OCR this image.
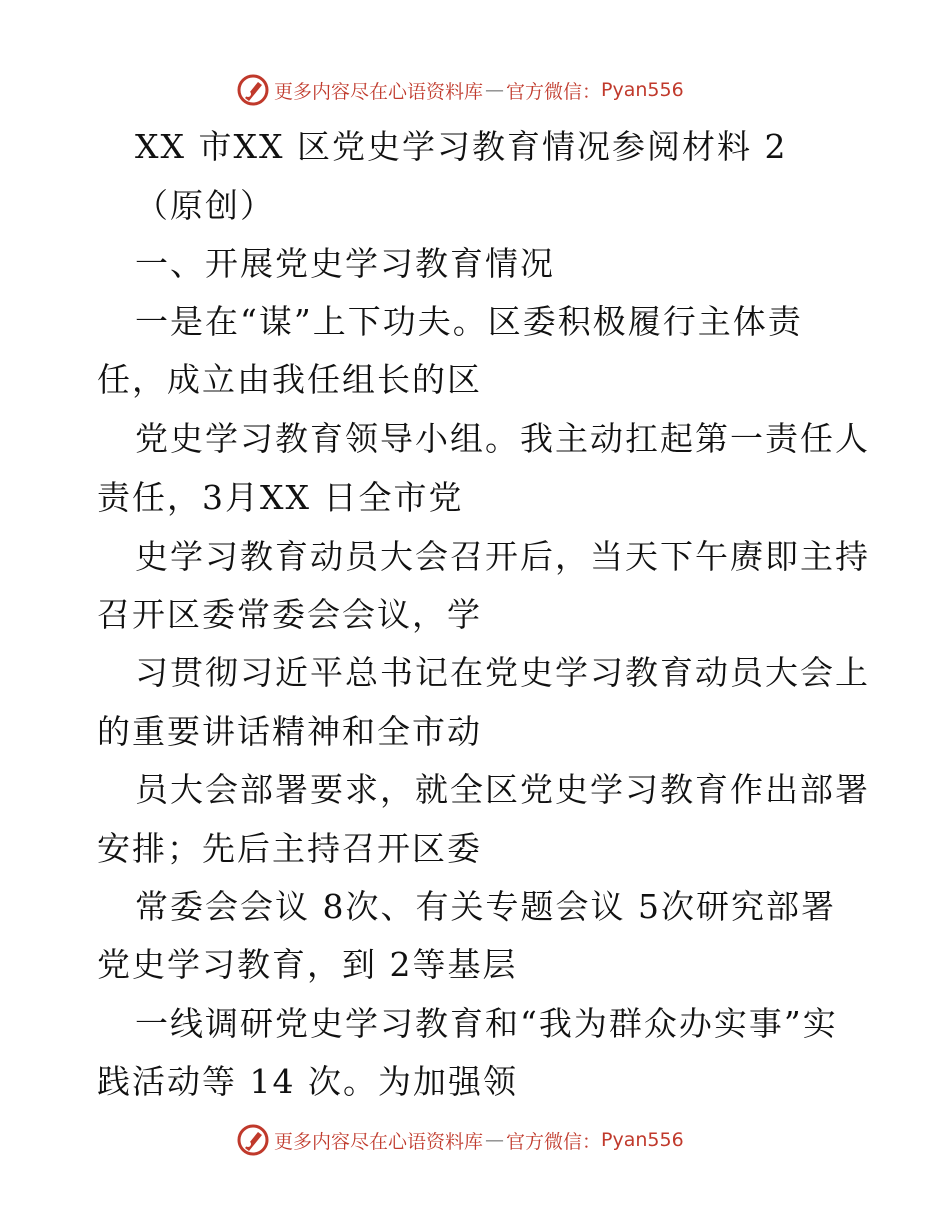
更多内容尽在心语资料库 — 官方微信： Pyan556
XX 市XX 区党史学习教育情况参阅材料 2
（原创）
一、开展党史学习教育情况
一是在“谋”上下功夫。区委积极履行主体责
任，成立由我任组长的区
党史学习教育领导小组。我主动扛起第一责任人
责任，3月XX 日全市党
史学习教育动员大会召开后，当天下午赓即主持
召开区委常委会会议，学
习贯彻习近平总书记在党史学习教育动员大会上
的重要讲话精神和全市动
员大会部署要求，就全区党史学习教育作出部署
安排；先后主持召开区委
常委会会议 8次、有关专题会议 5次研究部署
党史学习教育，到 2等基层
一线调研党史学习教育和“我为群众办实事”实
践活动等 14 次。为加强领
更多内容尽在心语资料库 — 官方微信： Pyan556
